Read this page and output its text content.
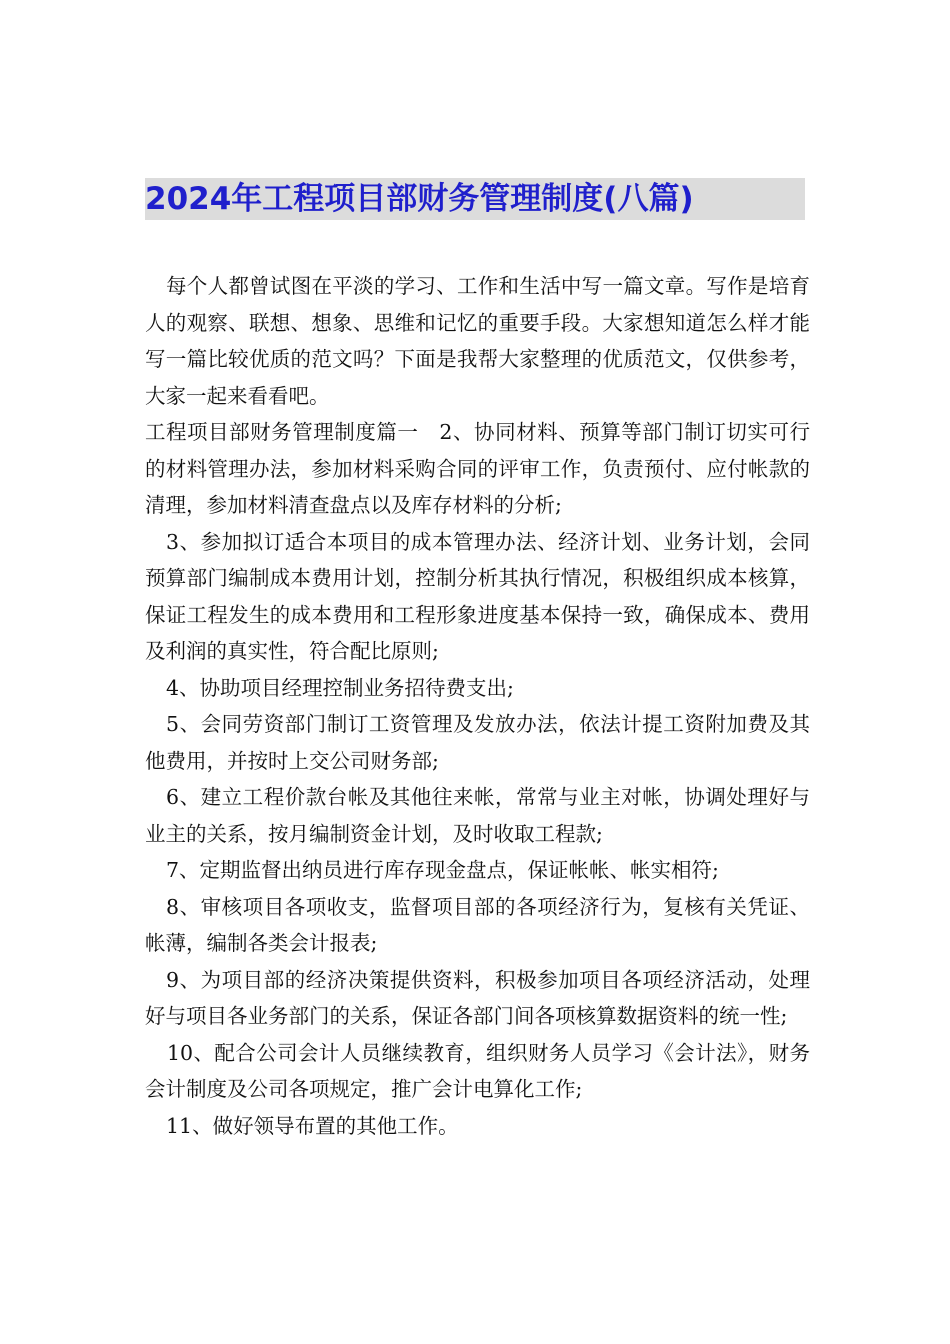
2024年工程项目部财务管理制度(八篇)

每个人都曾试图在平淡的学习、工作和生活中写一篇文章。写作是培育人的观察、联想、想象、思维和记忆的重要手段。大家想知道怎么样才能写一篇比较优质的范文吗？下面是我帮大家整理的优质范文，仅供参考，大家一起来看看吧。

工程项目部财务管理制度篇一　2、协同材料、预算等部门制订切实可行的材料管理办法，参加材料采购合同的评审工作，负责预付、应付帐款的清理，参加材料清查盘点以及库存材料的分析;

3、参加拟订适合本项目的成本管理办法、经济计划、业务计划，会同预算部门编制成本费用计划，控制分析其执行情况，积极组织成本核算，保证工程发生的成本费用和工程形象进度基本保持一致，确保成本、费用及利润的真实性，符合配比原则;

4、协助项目经理控制业务招待费支出;

5、会同劳资部门制订工资管理及发放办法，依法计提工资附加费及其他费用，并按时上交公司财务部;

6、建立工程价款台帐及其他往来帐，常常与业主对帐，协调处理好与业主的关系，按月编制资金计划，及时收取工程款;

7、定期监督出纳员进行库存现金盘点，保证帐帐、帐实相符;

8、审核项目各项收支，监督项目部的各项经济行为，复核有关凭证、帐薄，编制各类会计报表;

9、为项目部的经济决策提供资料，积极参加项目各项经济活动，处理好与项目各业务部门的关系，保证各部门间各项核算数据资料的统一性;

10、配合公司会计人员继续教育，组织财务人员学习《会计法》，财务会计制度及公司各项规定，推广会计电算化工作;

11、做好领导布置的其他工作。
